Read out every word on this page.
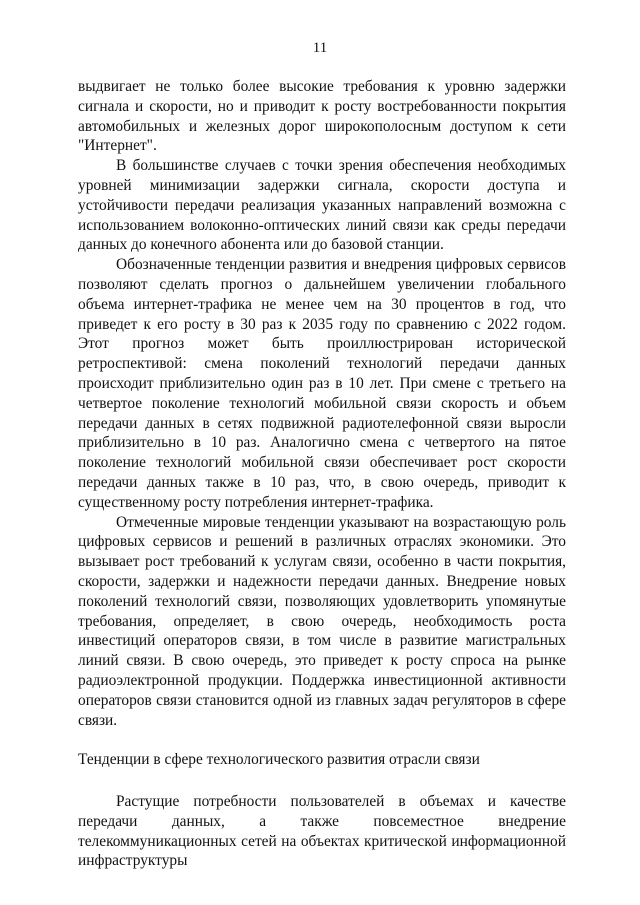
11

выдвигает не только более высокие требования к уровню задержки сигнала и скорости, но и приводит к росту востребованности покрытия автомобильных и железных дорог широкополосным доступом к сети "Интернет".

В большинстве случаев с точки зрения обеспечения необходимых уровней минимизации задержки сигнала, скорости доступа и устойчивости передачи реализация указанных направлений возможна с использованием волоконно-оптических линий связи как среды передачи данных до конечного абонента или до базовой станции.

Обозначенные тенденции развития и внедрения цифровых сервисов позволяют сделать прогноз о дальнейшем увеличении глобального объема интернет-трафика не менее чем на 30 процентов в год, что приведет к его росту в 30 раз к 2035 году по сравнению с 2022 годом. Этот прогноз может быть проиллюстрирован исторической ретроспективой: смена поколений технологий передачи данных происходит приблизительно один раз в 10 лет. При смене с третьего на четвертое поколение технологий мобильной связи скорость и объем передачи данных в сетях подвижной радиотелефонной связи выросли приблизительно в 10 раз. Аналогично смена с четвертого на пятое поколение технологий мобильной связи обеспечивает рост скорости передачи данных также в 10 раз, что, в свою очередь, приводит к существенному росту потребления интернет-трафика.

Отмеченные мировые тенденции указывают на возрастающую роль цифровых сервисов и решений в различных отраслях экономики. Это вызывает рост требований к услугам связи, особенно в части покрытия, скорости, задержки и надежности передачи данных. Внедрение новых поколений технологий связи, позволяющих удовлетворить упомянутые требования, определяет, в свою очередь, необходимость роста инвестиций операторов связи, в том числе в развитие магистральных линий связи. В свою очередь, это приведет к росту спроса на рынке радиоэлектронной продукции. Поддержка инвестиционной активности операторов связи становится одной из главных задач регуляторов в сфере связи.

Тенденции в сфере технологического развития отрасли связи

Растущие потребности пользователей в объемах и качестве передачи данных, а также повсеместное внедрение телекоммуникационных сетей на объектах критической информационной инфраструктуры
